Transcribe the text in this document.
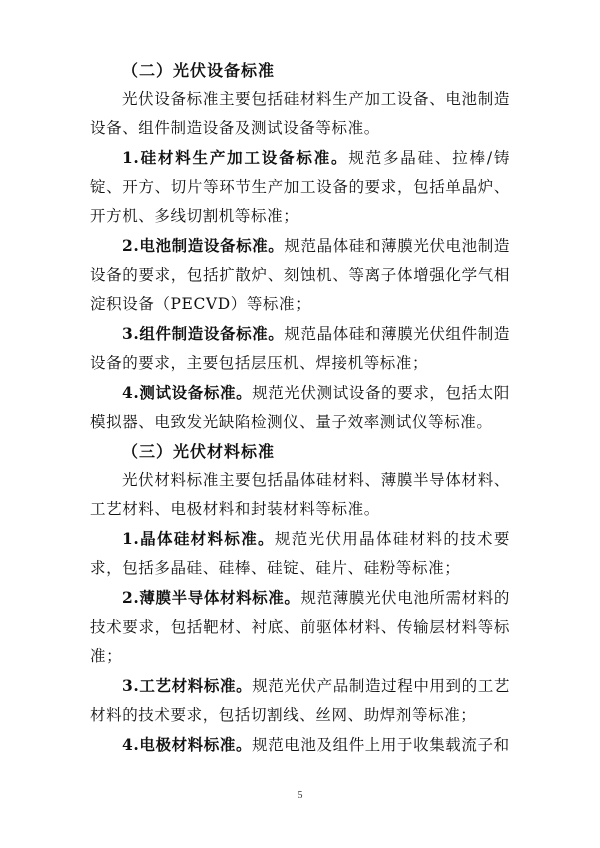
（二）光伏设备标准

光伏设备标准主要包括硅材料生产加工设备、电池制造设备、组件制造设备及测试设备等标准。

1.硅材料生产加工设备标准。规范多晶硅、拉棒/铸锭、开方、切片等环节生产加工设备的要求，包括单晶炉、开方机、多线切割机等标准；

2.电池制造设备标准。规范晶体硅和薄膜光伏电池制造设备的要求，包括扩散炉、刻蚀机、等离子体增强化学气相淀积设备（PECVD）等标准；

3.组件制造设备标准。规范晶体硅和薄膜光伏组件制造设备的要求，主要包括层压机、焊接机等标准；

4.测试设备标准。规范光伏测试设备的要求，包括太阳模拟器、电致发光缺陷检测仪、量子效率测试仪等标准。

（三）光伏材料标准

光伏材料标准主要包括晶体硅材料、薄膜半导体材料、工艺材料、电极材料和封装材料等标准。

1.晶体硅材料标准。规范光伏用晶体硅材料的技术要求，包括多晶硅、硅棒、硅锭、硅片、硅粉等标准；

2.薄膜半导体材料标准。规范薄膜光伏电池所需材料的技术要求，包括靶材、衬底、前驱体材料、传输层材料等标准；

3.工艺材料标准。规范光伏产品制造过程中用到的工艺材料的技术要求，包括切割线、丝网、助焊剂等标准；

4.电极材料标准。规范电池及组件上用于收集载流子和

5
